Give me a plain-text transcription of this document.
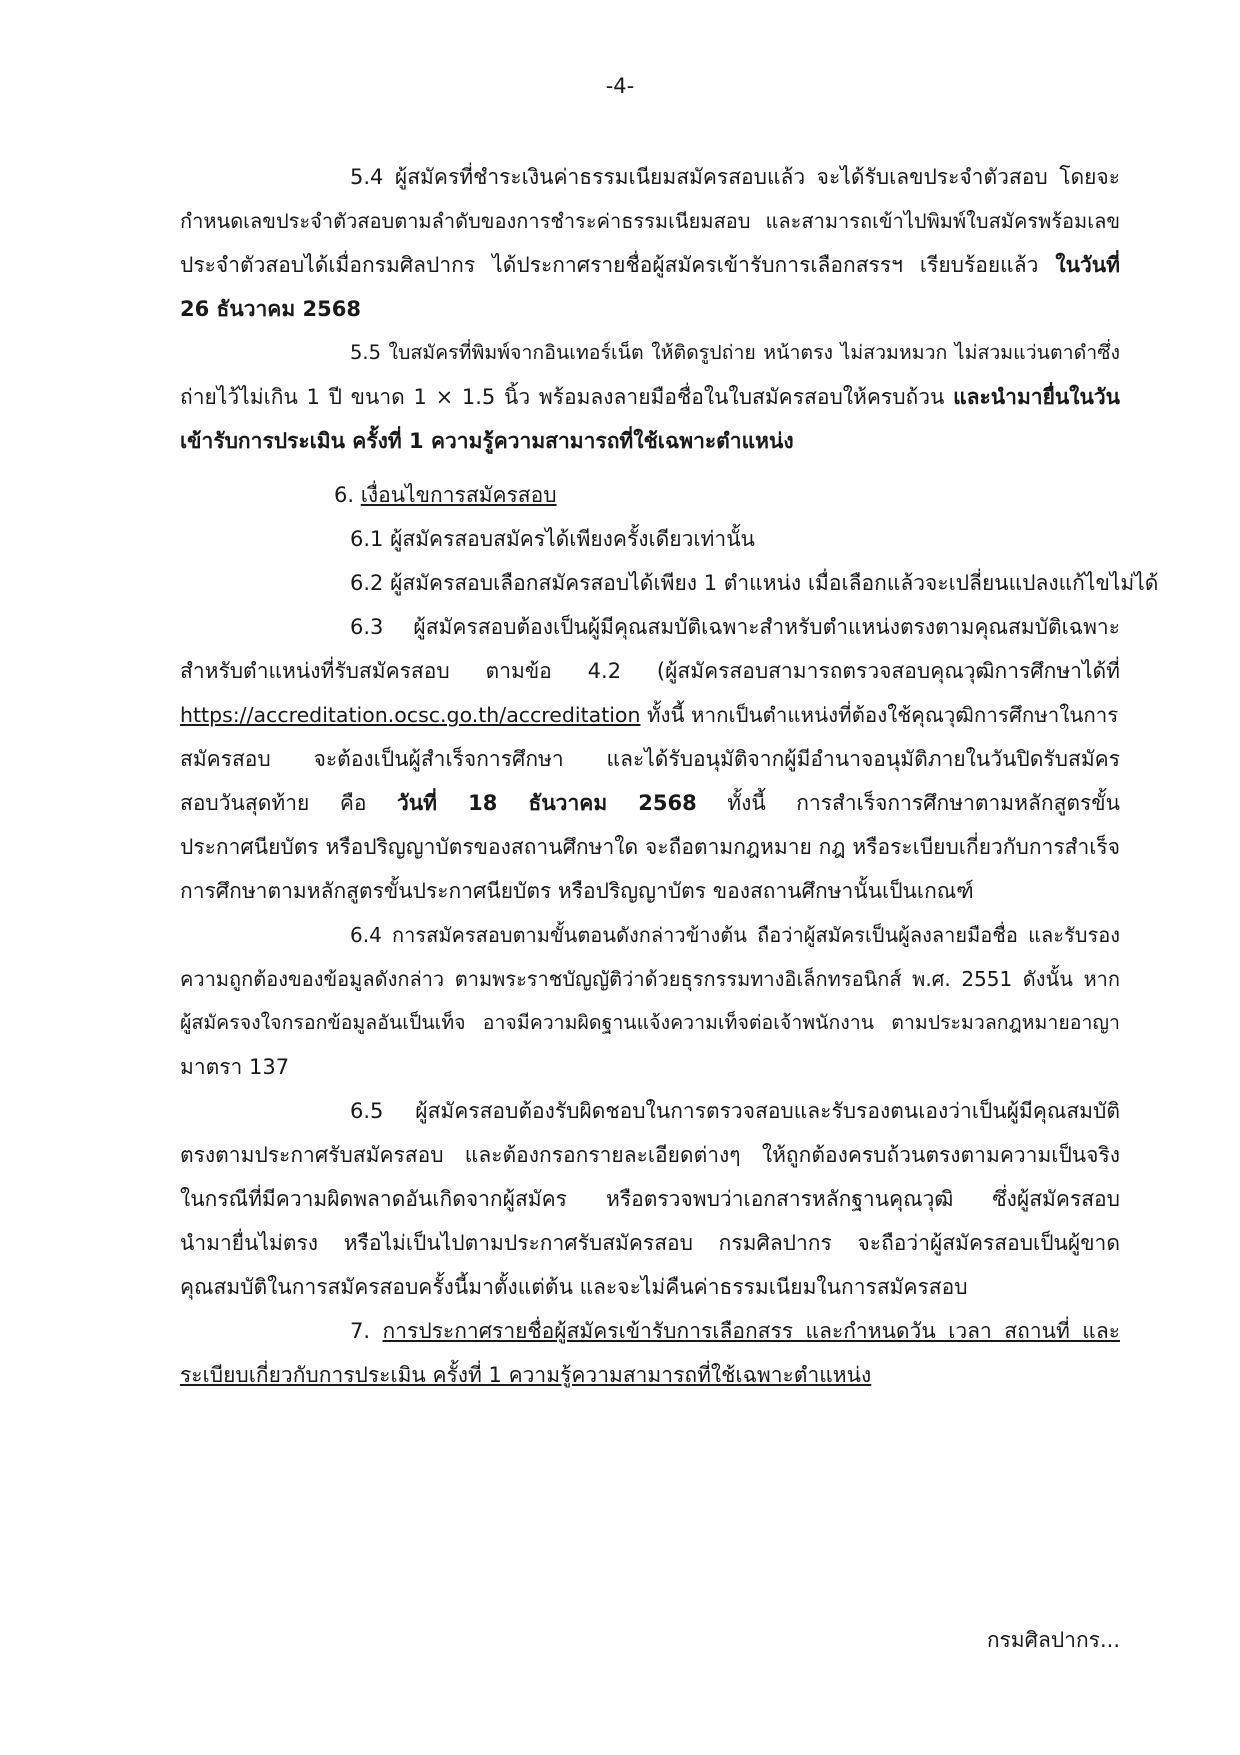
-4-
5.4 ผู้สมัครที่ชำระเงินค่าธรรมเนียมสมัครสอบแล้ว จะได้รับเลขประจำตัวสอบ โดยจะ
กำหนดเลขประจำตัวสอบตามลำดับของการชำระค่าธรรมเนียมสอบ และสามารถเข้าไปพิมพ์ใบสมัครพร้อมเลข
ประจำตัวสอบได้เมื่อกรมศิลปากร ได้ประกาศรายชื่อผู้สมัครเข้ารับการเลือกสรรฯ เรียบร้อยแล้ว ในวันที่
26 ธันวาคม 2568
5.5 ใบสมัครที่พิมพ์จากอินเทอร์เน็ต ให้ติดรูปถ่าย หน้าตรง ไม่สวมหมวก ไม่สวมแว่นตาดำซึ่ง
ถ่ายไว้ไม่เกิน 1 ปี ขนาด 1 × 1.5 นิ้ว พร้อมลงลายมือชื่อในใบสมัครสอบให้ครบถ้วน และนำมายื่นในวัน
เข้ารับการประเมิน ครั้งที่ 1 ความรู้ความสามารถที่ใช้เฉพาะตำแหน่ง
6. เงื่อนไขการสมัครสอบ
6.1 ผู้สมัครสอบสมัครได้เพียงครั้งเดียวเท่านั้น
6.2 ผู้สมัครสอบเลือกสมัครสอบได้เพียง 1 ตำแหน่ง เมื่อเลือกแล้วจะเปลี่ยนแปลงแก้ไขไม่ได้
6.3 ผู้สมัครสอบต้องเป็นผู้มีคุณสมบัติเฉพาะสำหรับตำแหน่งตรงตามคุณสมบัติเฉพาะ
สำหรับตำแหน่งที่รับสมัครสอบ ตามข้อ 4.2 (ผู้สมัครสอบสามารถตรวจสอบคุณวุฒิการศึกษาได้ที่
https://accreditation.ocsc.go.th/accreditation ทั้งนี้ หากเป็นตำแหน่งที่ต้องใช้คุณวุฒิการศึกษาในการ
สมัครสอบ จะต้องเป็นผู้สำเร็จการศึกษา และได้รับอนุมัติจากผู้มีอำนาจอนุมัติภายในวันปิดรับสมัคร
สอบวันสุดท้าย คือ วันที่ 18 ธันวาคม 2568 ทั้งนี้ การสำเร็จการศึกษาตามหลักสูตรขั้น
ประกาศนียบัตร หรือปริญญาบัตรของสถานศึกษาใด จะถือตามกฎหมาย กฎ หรือระเบียบเกี่ยวกับการสำเร็จ
การศึกษาตามหลักสูตรขั้นประกาศนียบัตร หรือปริญญาบัตร ของสถานศึกษานั้นเป็นเกณฑ์
6.4 การสมัครสอบตามขั้นตอนดังกล่าวข้างต้น ถือว่าผู้สมัครเป็นผู้ลงลายมือชื่อ และรับรอง
ความถูกต้องของข้อมูลดังกล่าว ตามพระราชบัญญัติว่าด้วยธุรกรรมทางอิเล็กทรอนิกส์ พ.ศ. 2551 ดังนั้น หาก
ผู้สมัครจงใจกรอกข้อมูลอันเป็นเท็จ อาจมีความผิดฐานแจ้งความเท็จต่อเจ้าพนักงาน ตามประมวลกฎหมายอาญา
มาตรา 137
6.5 ผู้สมัครสอบต้องรับผิดชอบในการตรวจสอบและรับรองตนเองว่าเป็นผู้มีคุณสมบัติ
ตรงตามประกาศรับสมัครสอบ และต้องกรอกรายละเอียดต่างๆ ให้ถูกต้องครบถ้วนตรงตามความเป็นจริง
ในกรณีที่มีความผิดพลาดอันเกิดจากผู้สมัคร หรือตรวจพบว่าเอกสารหลักฐานคุณวุฒิ ซึ่งผู้สมัครสอบ
นำมายื่นไม่ตรง หรือไม่เป็นไปตามประกาศรับสมัครสอบ กรมศิลปากร จะถือว่าผู้สมัครสอบเป็นผู้ขาด
คุณสมบัติในการสมัครสอบครั้งนี้มาตั้งแต่ต้น และจะไม่คืนค่าธรรมเนียมในการสมัครสอบ
7. การประกาศรายชื่อผู้สมัครเข้ารับการเลือกสรร และกำหนดวัน เวลา สถานที่ และ
ระเบียบเกี่ยวกับการประเมิน ครั้งที่ 1 ความรู้ความสามารถที่ใช้เฉพาะตำแหน่ง
กรมศิลปากร...
